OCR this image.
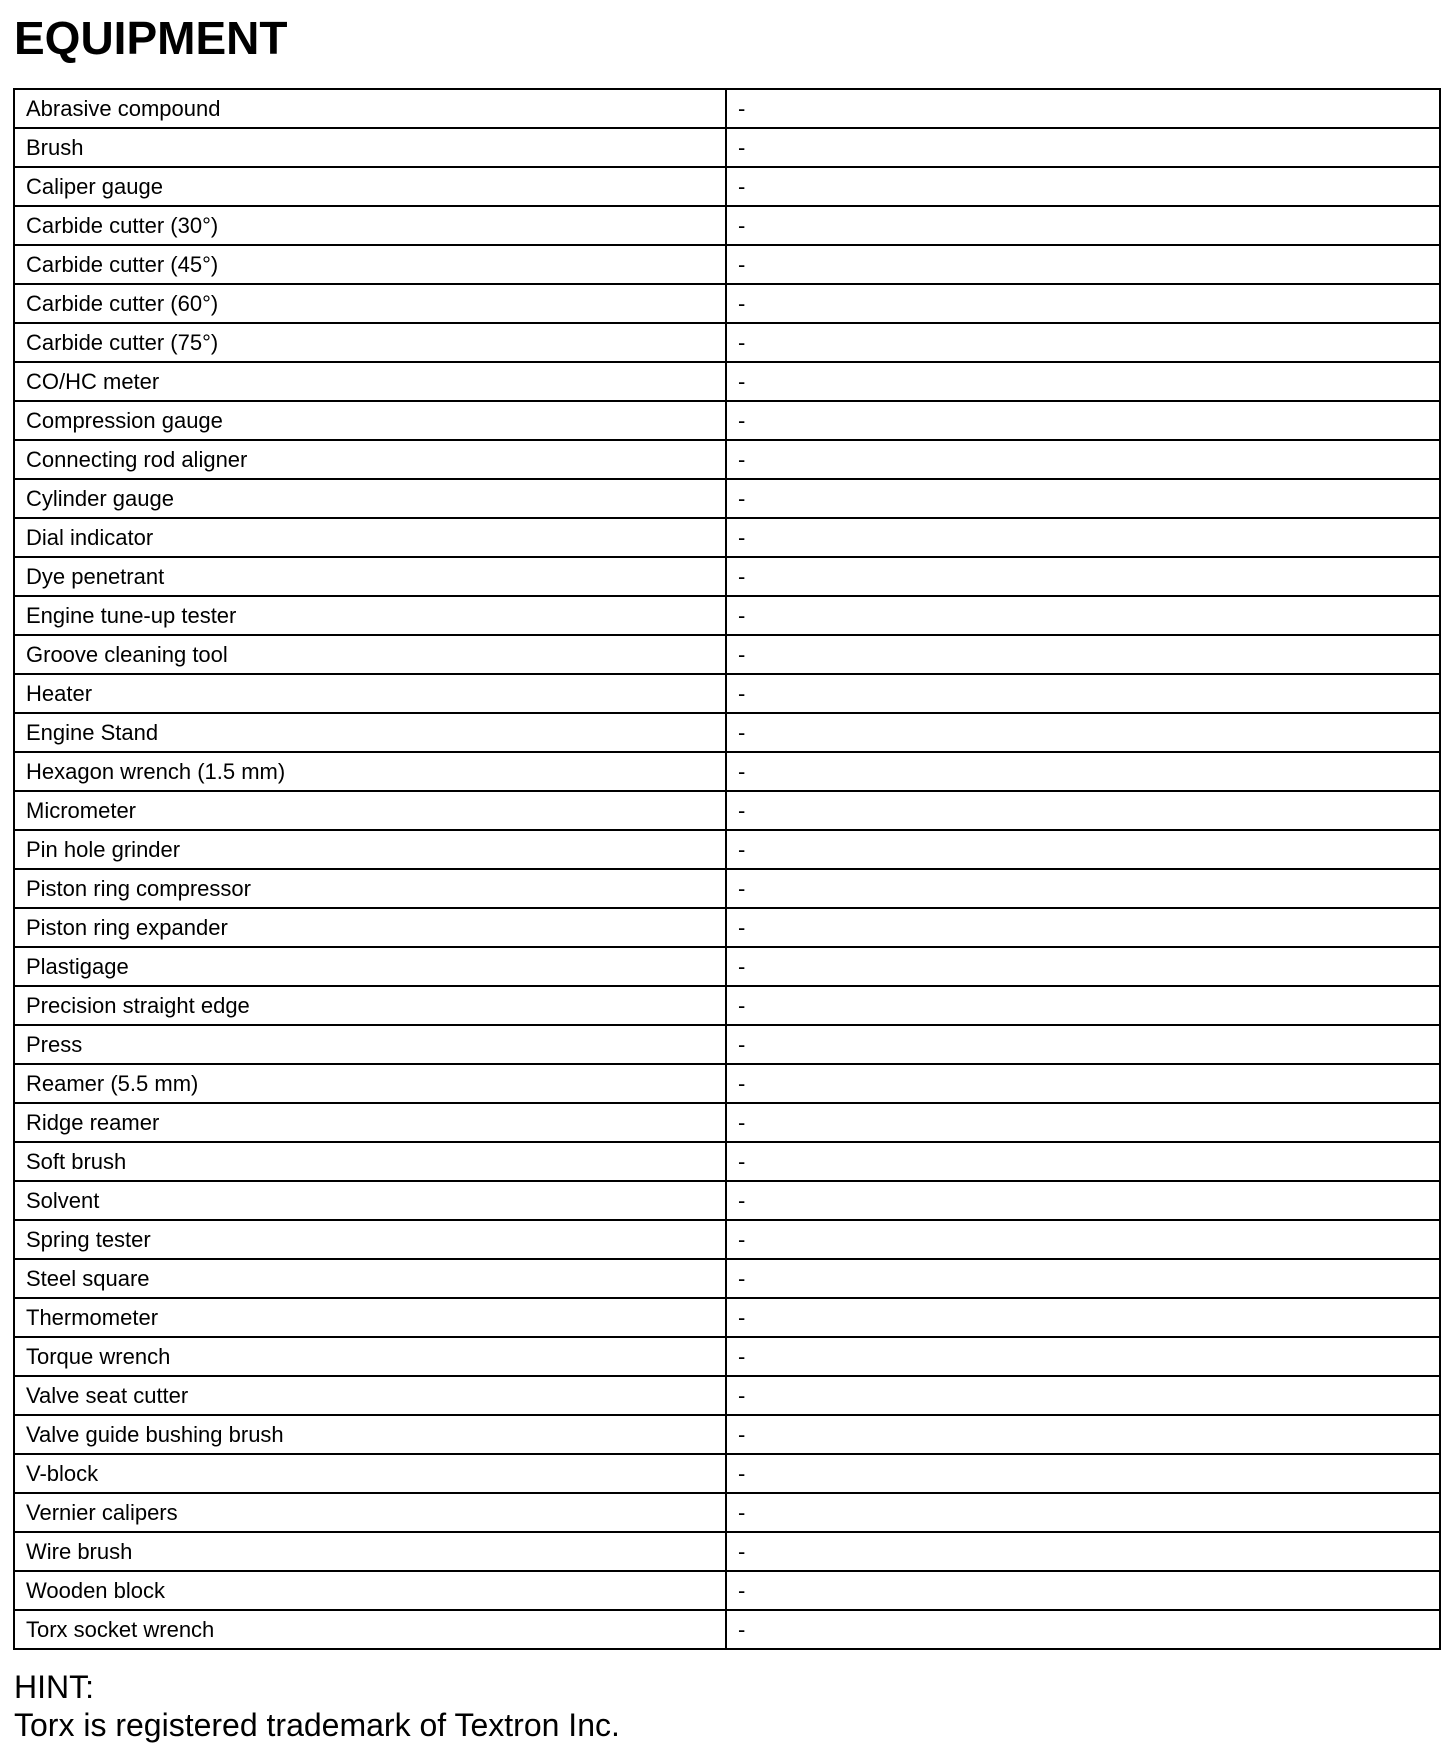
EQUIPMENT
Abrasive compound	-
Brush	-
Caliper gauge	-
Carbide cutter (30°)	-
Carbide cutter (45°)	-
Carbide cutter (60°)	-
Carbide cutter (75°)	-
CO/HC meter	-
Compression gauge	-
Connecting rod aligner	-
Cylinder gauge	-
Dial indicator	-
Dye penetrant	-
Engine tune-up tester	-
Groove cleaning tool	-
Heater	-
Engine Stand	-
Hexagon wrench (1.5 mm)	-
Micrometer	-
Pin hole grinder	-
Piston ring compressor	-
Piston ring expander	-
Plastigage	-
Precision straight edge	-
Press	-
Reamer (5.5 mm)	-
Ridge reamer	-
Soft brush	-
Solvent	-
Spring tester	-
Steel square	-
Thermometer	-
Torque wrench	-
Valve seat cutter	-
Valve guide bushing brush	-
V-block	-
Vernier calipers	-
Wire brush	-
Wooden block	-
Torx socket wrench	-
HINT:
Torx is registered trademark of Textron Inc.
